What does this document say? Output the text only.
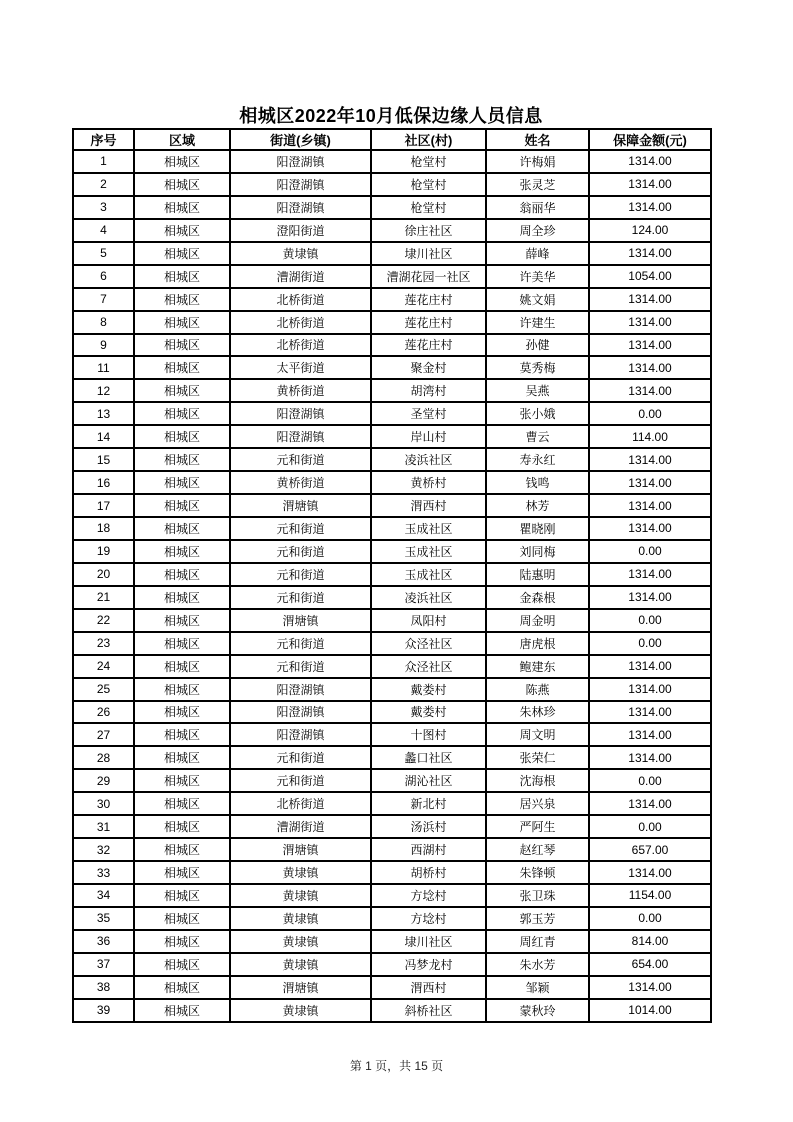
相城区2022年10月低保边缘人员信息
序号	区域	街道(乡镇)	社区(村)	姓名	保障金额(元)
1	相城区	阳澄湖镇	枪堂村	许梅娟	1314.00
2	相城区	阳澄湖镇	枪堂村	张灵芝	1314.00
3	相城区	阳澄湖镇	枪堂村	翁丽华	1314.00
4	相城区	澄阳街道	徐庄社区	周全珍	124.00
5	相城区	黄埭镇	埭川社区	薛峰	1314.00
6	相城区	漕湖街道	漕湖花园一社区	许美华	1054.00
7	相城区	北桥街道	莲花庄村	姚文娟	1314.00
8	相城区	北桥街道	莲花庄村	许建生	1314.00
9	相城区	北桥街道	莲花庄村	孙健	1314.00
11	相城区	太平街道	聚金村	莫秀梅	1314.00
12	相城区	黄桥街道	胡湾村	吴燕	1314.00
13	相城区	阳澄湖镇	圣堂村	张小娥	0.00
14	相城区	阳澄湖镇	岸山村	曹云	114.00
15	相城区	元和街道	凌浜社区	寿永红	1314.00
16	相城区	黄桥街道	黄桥村	钱鸣	1314.00
17	相城区	渭塘镇	渭西村	林芳	1314.00
18	相城区	元和街道	玉成社区	瞿晓刚	1314.00
19	相城区	元和街道	玉成社区	刘同梅	0.00
20	相城区	元和街道	玉成社区	陆惠明	1314.00
21	相城区	元和街道	凌浜社区	金森根	1314.00
22	相城区	渭塘镇	凤阳村	周金明	0.00
23	相城区	元和街道	众泾社区	唐虎根	0.00
24	相城区	元和街道	众泾社区	鲍建东	1314.00
25	相城区	阳澄湖镇	戴娄村	陈燕	1314.00
26	相城区	阳澄湖镇	戴娄村	朱林珍	1314.00
27	相城区	阳澄湖镇	十图村	周文明	1314.00
28	相城区	元和街道	蠡口社区	张荣仁	1314.00
29	相城区	元和街道	湖沁社区	沈海根	0.00
30	相城区	北桥街道	新北村	居兴泉	1314.00
31	相城区	漕湖街道	汤浜村	严阿生	0.00
32	相城区	渭塘镇	西湖村	赵红琴	657.00
33	相城区	黄埭镇	胡桥村	朱锋顿	1314.00
34	相城区	黄埭镇	方埝村	张卫珠	1154.00
35	相城区	黄埭镇	方埝村	郭玉芳	0.00
36	相城区	黄埭镇	埭川社区	周红青	814.00
37	相城区	黄埭镇	冯梦龙村	朱水芳	654.00
38	相城区	渭塘镇	渭西村	邹颖	1314.00
39	相城区	黄埭镇	斜桥社区	蒙秋玲	1014.00
第 1 页，共 15 页
